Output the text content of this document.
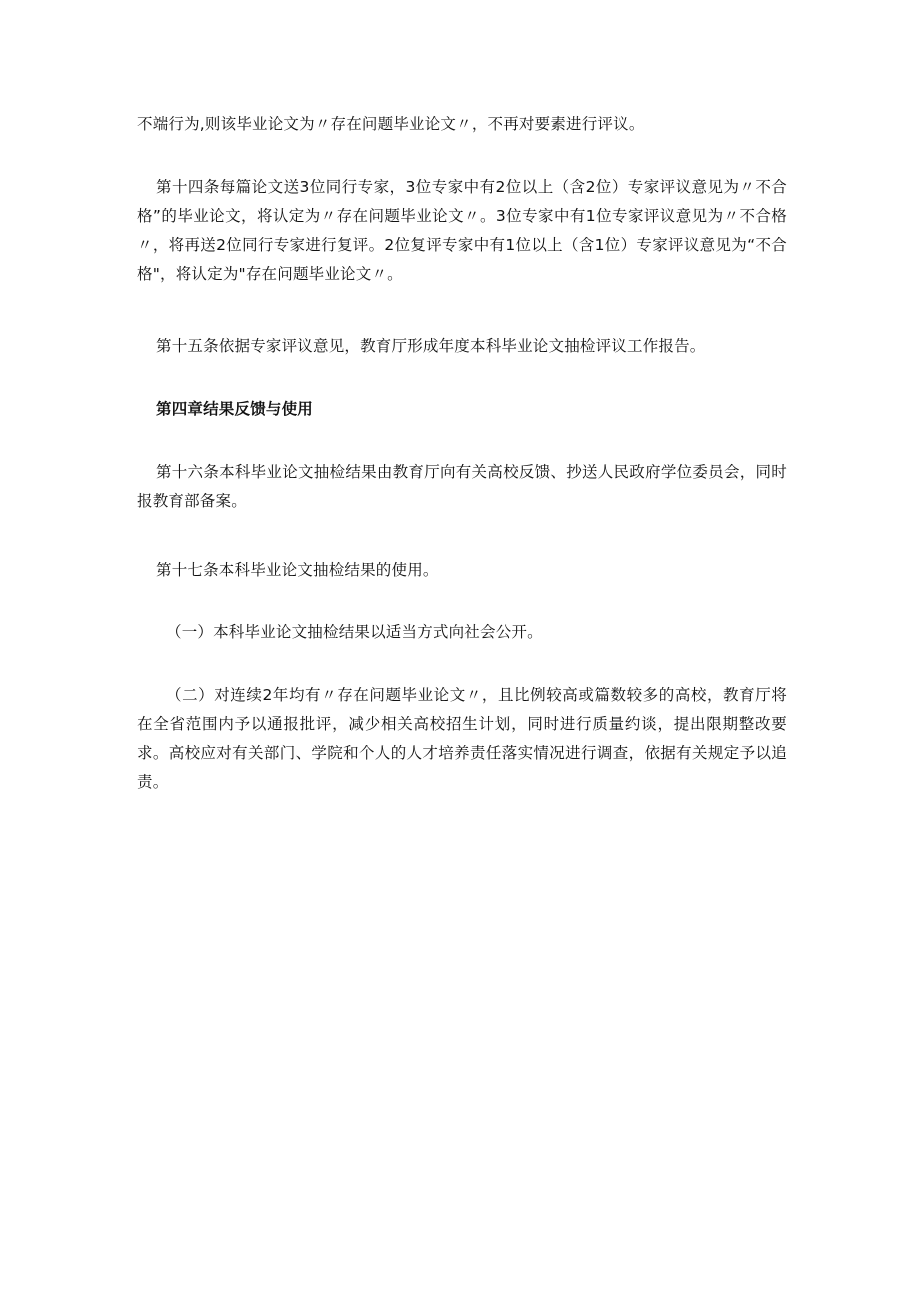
不端行为,则该毕业论文为〃存在问题毕业论文〃，不再对要素进行评议。

第十四条每篇论文送3位同行专家，3位专家中有2位以上（含2位）专家评议意见为〃不合格”的毕业论文，将认定为〃存在问题毕业论文〃。3位专家中有1位专家评议意见为〃不合格〃，将再送2位同行专家进行复评。2位复评专家中有1位以上（含1位）专家评议意见为“不合格"，将认定为"存在问题毕业论文〃。

第十五条依据专家评议意见，教育厅形成年度本科毕业论文抽检评议工作报告。

第四章结果反馈与使用

第十六条本科毕业论文抽检结果由教育厅向有关高校反馈、抄送人民政府学位委员会，同时报教育部备案。

第十七条本科毕业论文抽检结果的使用。

（一）本科毕业论文抽检结果以适当方式向社会公开。

（二）对连续2年均有〃存在问题毕业论文〃，且比例较高或篇数较多的高校，教育厅将在全省范围内予以通报批评，减少相关高校招生计划，同时进行质量约谈，提出限期整改要求。高校应对有关部门、学院和个人的人才培养责任落实情况进行调查，依据有关规定予以追责。
